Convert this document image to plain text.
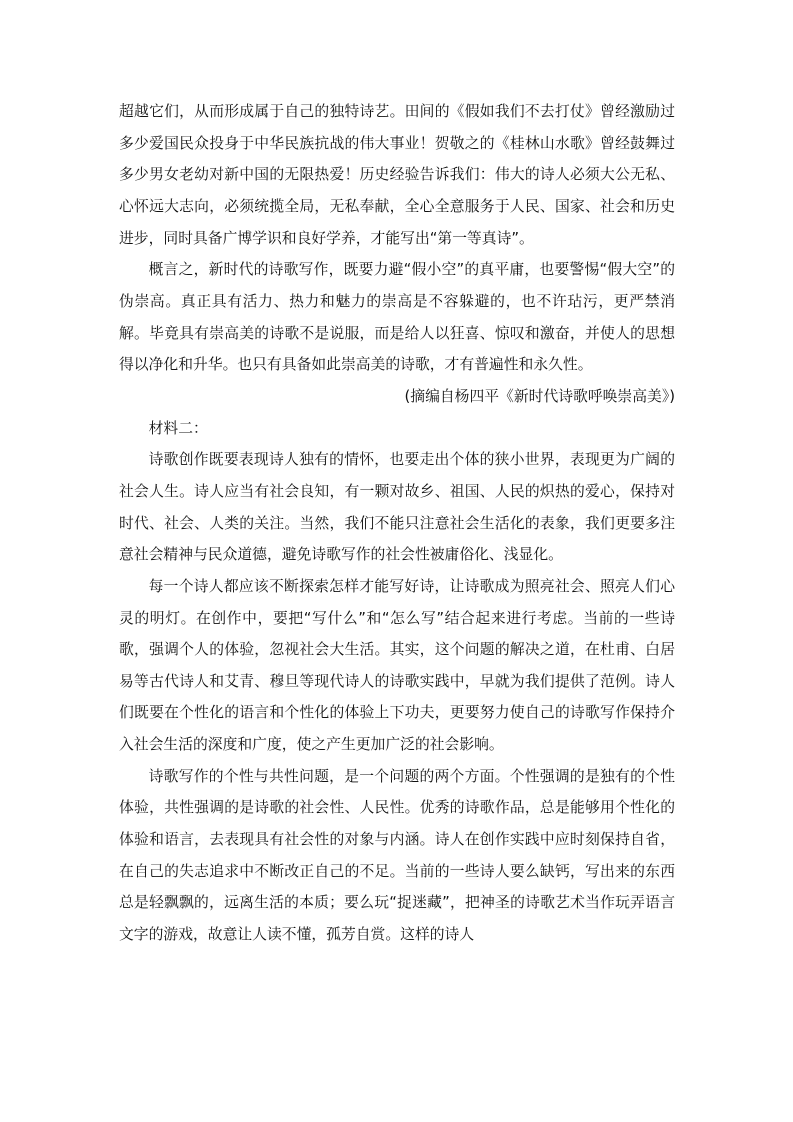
超越它们，从而形成属于自己的独特诗艺。田间的《假如我们不去打仗》曾经激励过多少爱国民众投身于中华民族抗战的伟大事业！贺敬之的《桂林山水歌》曾经鼓舞过多少男女老幼对新中国的无限热爱！历史经验告诉我们：伟大的诗人必须大公无私、心怀远大志向，必须统揽全局，无私奉献，全心全意服务于人民、国家、社会和历史进步，同时具备广博学识和良好学养，才能写出“第一等真诗”。

概言之，新时代的诗歌写作，既要力避“假小空”的真平庸，也要警惕“假大空”的伪崇高。真正具有活力、热力和魅力的崇高是不容躲避的，也不许玷污，更严禁消解。毕竟具有崇高美的诗歌不是说服，而是给人以狂喜、惊叹和激奋，并使人的思想得以净化和升华。也只有具备如此崇高美的诗歌，才有普遍性和永久性。

(摘编自杨四平《新时代诗歌呼唤崇高美》)

材料二：

诗歌创作既要表现诗人独有的情怀，也要走出个体的狭小世界，表现更为广阔的社会人生。诗人应当有社会良知，有一颗对故乡、祖国、人民的炽热的爱心，保持对时代、社会、人类的关注。当然，我们不能只注意社会生活化的表象，我们更要多注意社会精神与民众道德，避免诗歌写作的社会性被庸俗化、浅显化。

每一个诗人都应该不断探索怎样才能写好诗，让诗歌成为照亮社会、照亮人们心灵的明灯。在创作中，要把“写什么”和“怎么写”结合起来进行考虑。当前的一些诗歌，强调个人的体验，忽视社会大生活。其实，这个问题的解决之道，在杜甫、白居易等古代诗人和艾青、穆旦等现代诗人的诗歌实践中，早就为我们提供了范例。诗人们既要在个性化的语言和个性化的体验上下功夫，更要努力使自己的诗歌写作保持介入社会生活的深度和广度，使之产生更加广泛的社会影响。

诗歌写作的个性与共性问题，是一个问题的两个方面。个性强调的是独有的个性体验，共性强调的是诗歌的社会性、人民性。优秀的诗歌作品，总是能够用个性化的体验和语言，去表现具有社会性的对象与内涵。诗人在创作实践中应时刻保持自省，在自己的失志追求中不断改正自己的不足。当前的一些诗人要么缺钙，写出来的东西总是轻飘飘的，远离生活的本质；要么玩“捉迷藏”，把神圣的诗歌艺术当作玩弄语言文字的游戏，故意让人读不懂，孤芳自赏。这样的诗人
